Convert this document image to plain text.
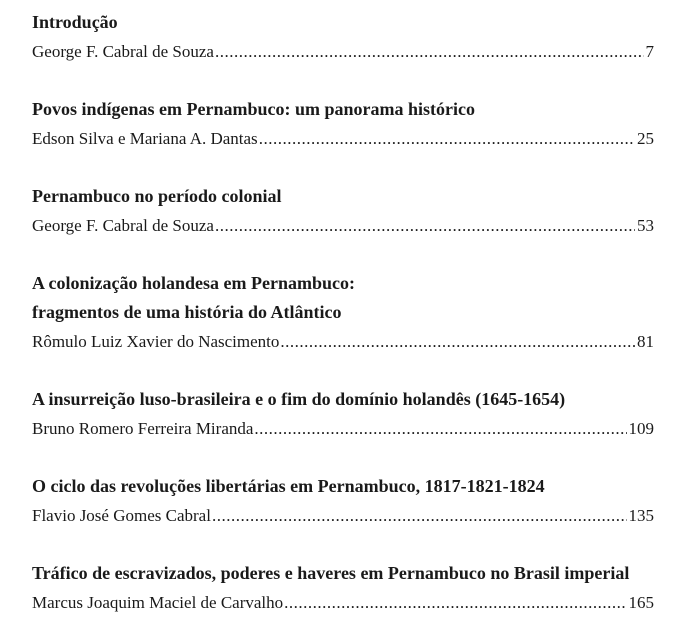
Introdução
George F. Cabral de Souza .....	7
Povos indígenas em Pernambuco: um panorama histórico
Edson Silva e Mariana A. Dantas .....	25
Pernambuco no período colonial
George F. Cabral de Souza .....	53
A colonização holandesa em Pernambuco:
fragmentos de uma história do Atlântico
Rômulo Luiz Xavier do Nascimento .....	81
A insurreição luso-brasileira e o fim do domínio holandês (1645-1654)
Bruno Romero Ferreira Miranda .....	109
O ciclo das revoluções libertárias em Pernambuco, 1817-1821-1824
Flavio José Gomes Cabral .....	135
Tráfico de escravizados, poderes e haveres em Pernambuco no Brasil imperial
Marcus Joaquim Maciel de Carvalho .....	165
